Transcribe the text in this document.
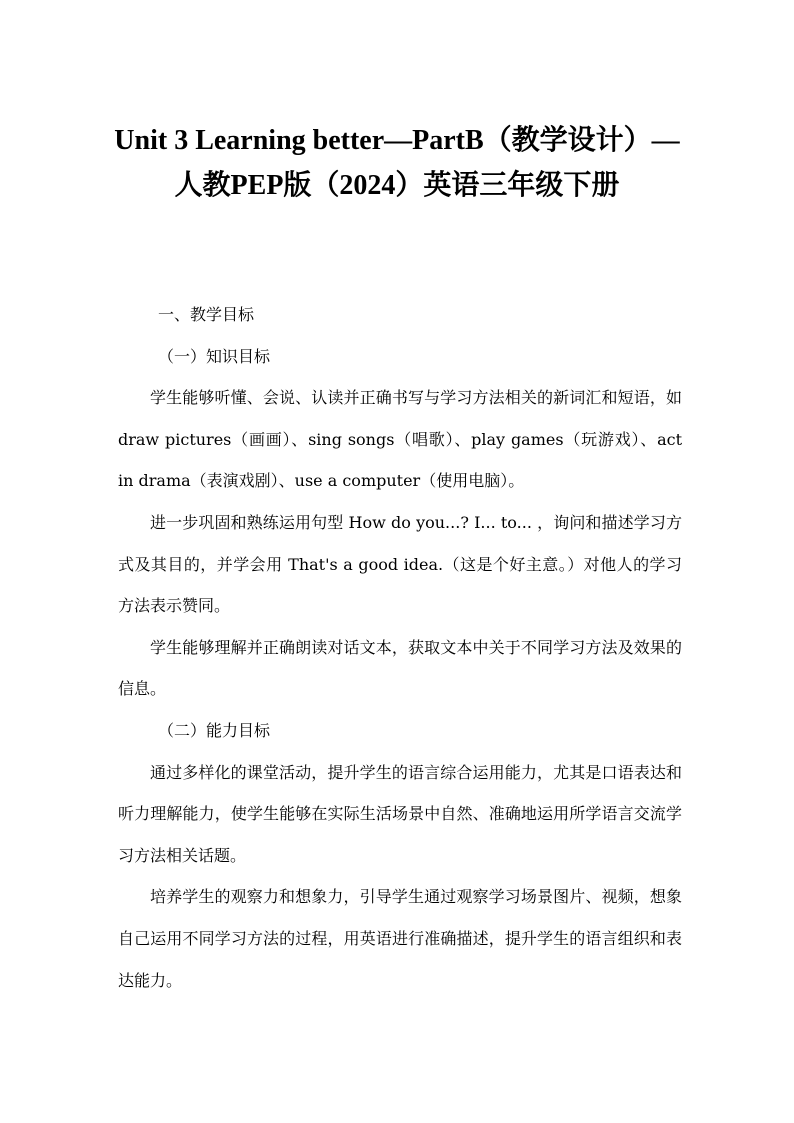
Unit 3 Learning better—PartB（教学设计）—人教PEP版（2024）英语三年级下册

一、教学目标

（一）知识目标

学生能够听懂、会说、认读并正确书写与学习方法相关的新词汇和短语，如 draw pictures（画画）、sing songs（唱歌）、play games（玩游戏）、act in drama（表演戏剧）、use a computer（使用电脑）。

进一步巩固和熟练运用句型 How do you...? I... to... ，询问和描述学习方式及其目的，并学会用 That's a good idea.（这是个好主意。）对他人的学习方法表示赞同。

学生能够理解并正确朗读对话文本，获取文本中关于不同学习方法及效果的信息。

（二）能力目标

通过多样化的课堂活动，提升学生的语言综合运用能力，尤其是口语表达和听力理解能力，使学生能够在实际生活场景中自然、准确地运用所学语言交流学习方法相关话题。

培养学生的观察力和想象力，引导学生通过观察学习场景图片、视频，想象自己运用不同学习方法的过程，用英语进行准确描述，提升学生的语言组织和表达能力。
